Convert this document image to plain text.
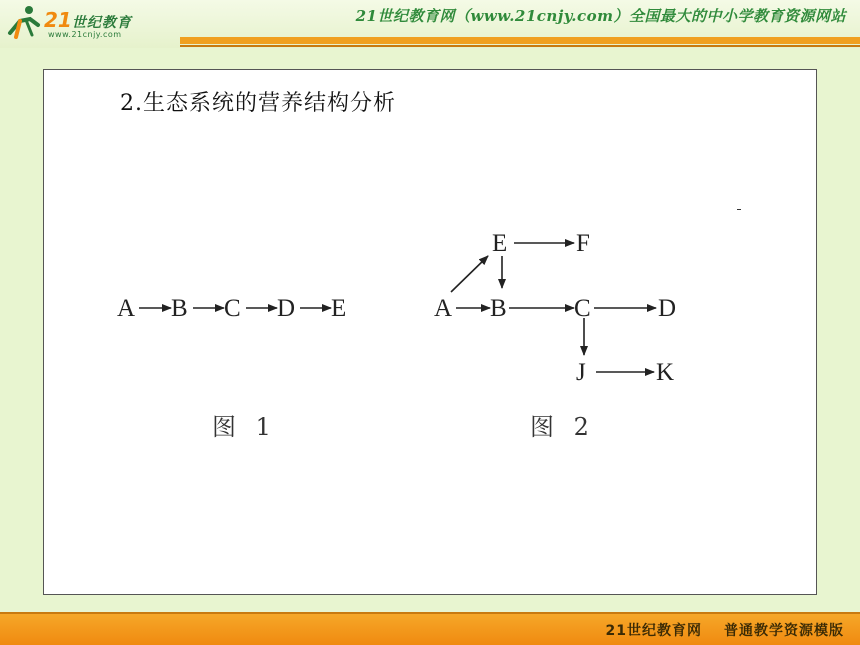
21世纪教育
www.21cnjy.com
21世纪教育网（www.21cnjy.com）全国最大的中小学教育资源网站
2.生态系统的营养结构分析
A B C D E
图 1
A B	C	D
E	F
J	K
图 2
21世纪教育网 普通教学资源模版
